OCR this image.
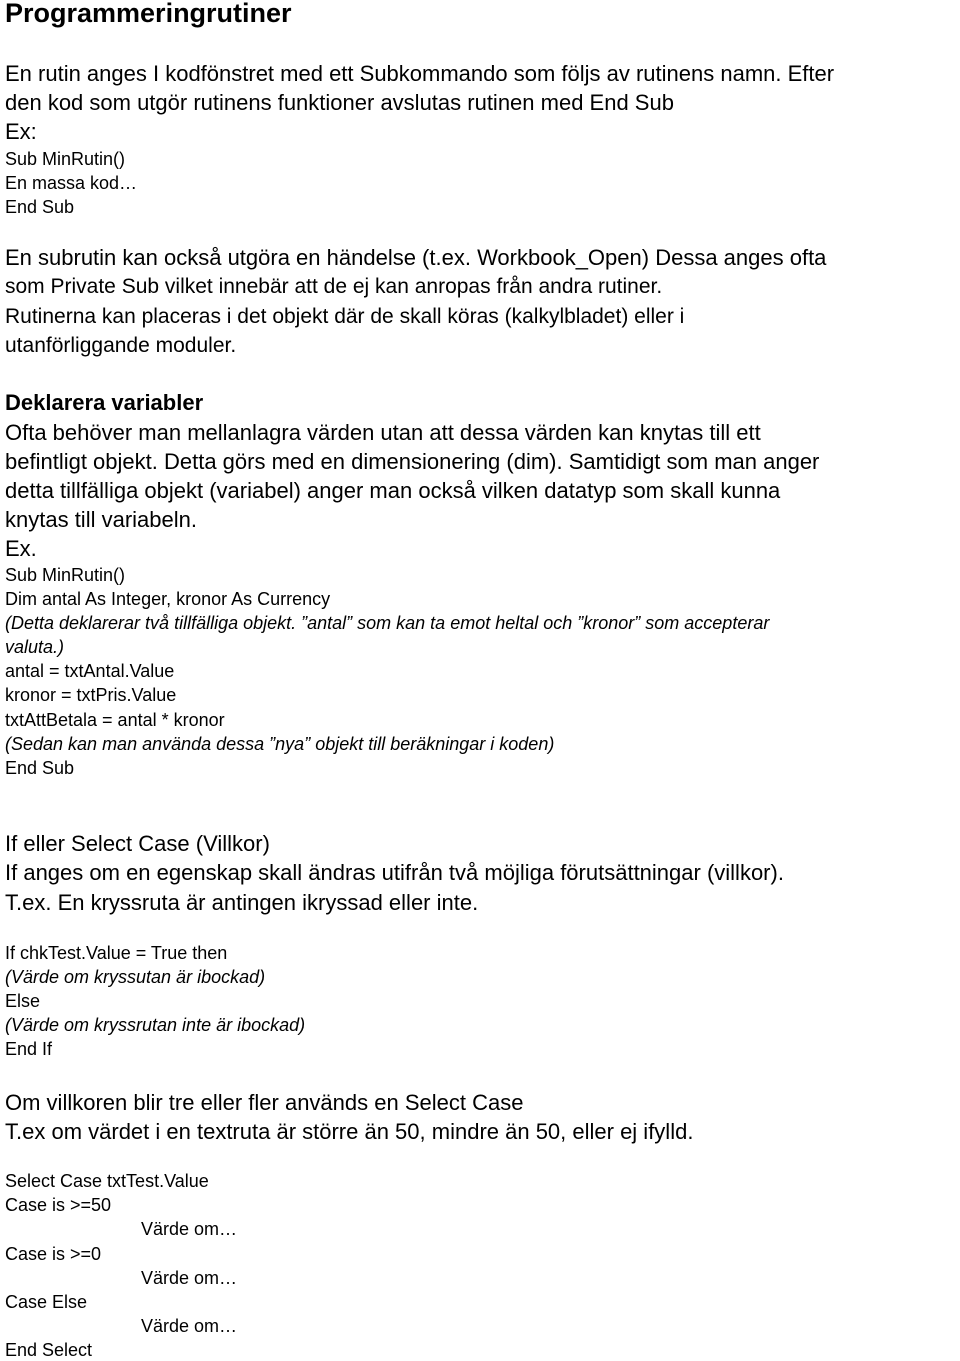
Programmeringrutiner
En rutin anges I kodfönstret med ett Subkommando som följs av rutinens namn. Efter
den kod som utgör rutinens funktioner avslutas rutinen med End Sub
Ex:
Sub MinRutin()
En massa kod…
End Sub
En subrutin kan också utgöra en händelse (t.ex. Workbook_Open) Dessa anges ofta
som Private Sub vilket innebär att de ej kan anropas från andra rutiner.
Rutinerna kan placeras i det objekt där de skall köras (kalkylbladet) eller i
utanförliggande moduler.
Deklarera variabler
Ofta behöver man mellanlagra värden utan att dessa värden kan knytas till ett
befintligt objekt. Detta görs med en dimensionering (dim). Samtidigt som man anger
detta tillfälliga objekt (variabel) anger man också vilken datatyp som skall kunna
knytas till variabeln.
Ex.
Sub MinRutin()
Dim antal As Integer, kronor As Currency
(Detta deklarerar två tillfälliga objekt. ”antal” som kan ta emot heltal och ”kronor” som accepterar
valuta.)
antal = txtAntal.Value
kronor = txtPris.Value
txtAttBetala = antal * kronor
(Sedan kan man använda dessa ”nya” objekt till beräkningar i koden)
End Sub
If eller Select Case (Villkor)
If anges om en egenskap skall ändras utifrån två möjliga förutsättningar (villkor).
T.ex. En kryssruta är antingen ikryssad eller inte.
If chkTest.Value = True then
(Värde om kryssutan är ibockad)
Else
(Värde om kryssrutan inte är ibockad)
End If
Om villkoren blir tre eller fler används en Select Case
T.ex om värdet i en textruta är större än 50, mindre än 50, eller ej ifylld.
Select Case txtTest.Value
Case is >=50
Värde om…
Case is >=0
Värde om…
Case Else
Värde om…
End Select
